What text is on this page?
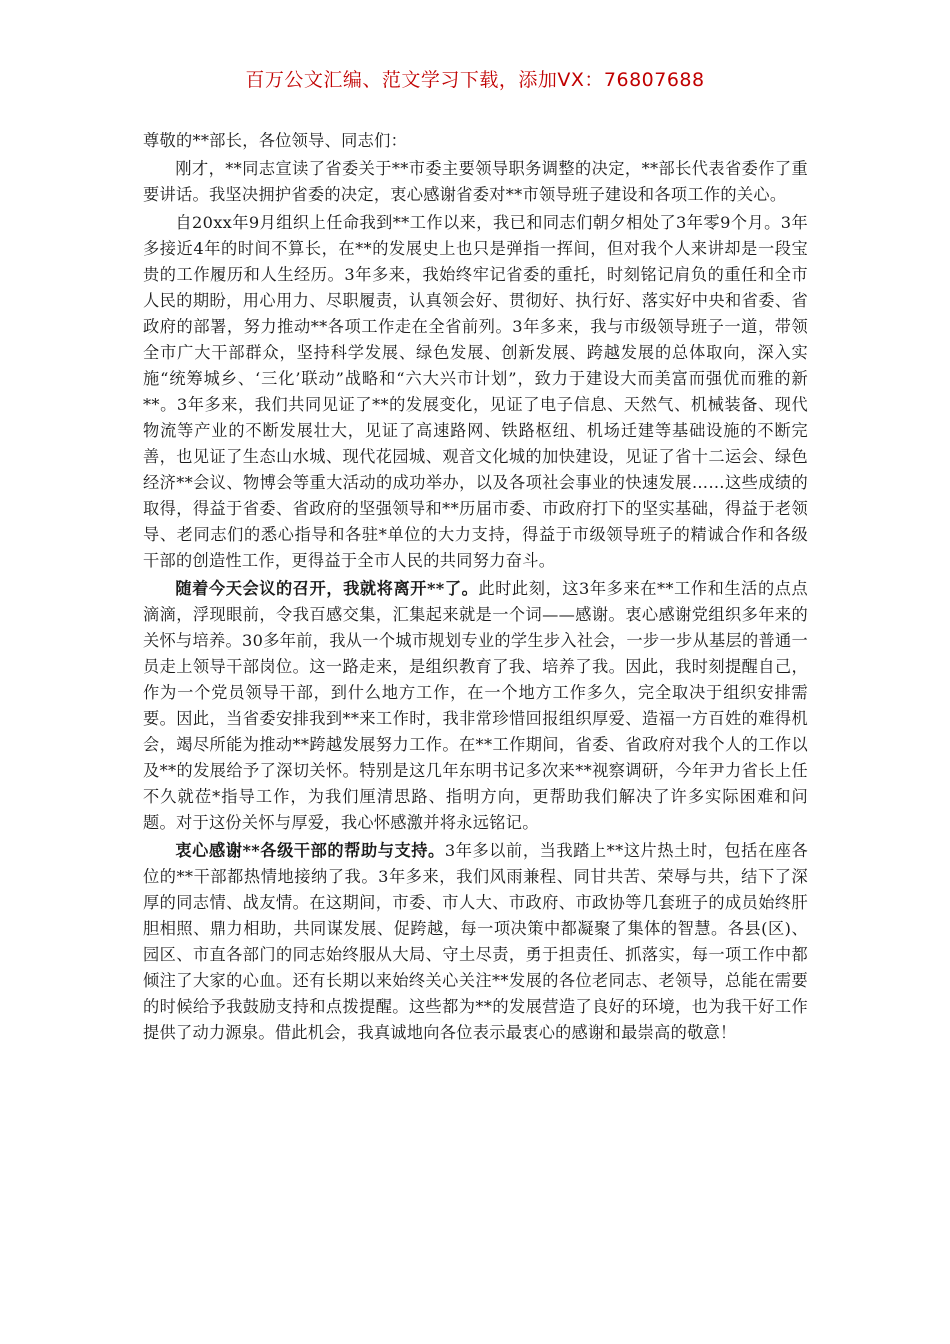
百万公文汇编、范文学习下载，添加VX：76807688

尊敬的**部长，各位领导、同志们：

刚才，**同志宣读了省委关于**市委主要领导职务调整的决定，**部长代表省委作了重要讲话。我坚决拥护省委的决定，衷心感谢省委对**市领导班子建设和各项工作的关心。

自20xx年9月组织上任命我到**工作以来，我已和同志们朝夕相处了3年零9个月。3年多接近4年的时间不算长，在**的发展史上也只是弹指一挥间，但对我个人来讲却是一段宝贵的工作履历和人生经历。3年多来，我始终牢记省委的重托，时刻铭记肩负的重任和全市人民的期盼，用心用力、尽职履责，认真领会好、贯彻好、执行好、落实好中央和省委、省政府的部署，努力推动**各项工作走在全省前列。3年多来，我与市级领导班子一道，带领全市广大干部群众，坚持科学发展、绿色发展、创新发展、跨越发展的总体取向，深入实施“统筹城乡、‘三化’联动”战略和“六大兴市计划”，致力于建设大而美富而强优而雅的新**。3年多来，我们共同见证了**的发展变化，见证了电子信息、天然气、机械装备、现代物流等产业的不断发展壮大，见证了高速路网、铁路枢纽、机场迁建等基础设施的不断完善，也见证了生态山水城、现代花园城、观音文化城的加快建设，见证了省十二运会、绿色经济**会议、物博会等重大活动的成功举办，以及各项社会事业的快速发展……这些成绩的取得，得益于省委、省政府的坚强领导和**历届市委、市政府打下的坚实基础，得益于老领导、老同志们的悉心指导和各驻*单位的大力支持，得益于市级领导班子的精诚合作和各级干部的创造性工作，更得益于全市人民的共同努力奋斗。

随着今天会议的召开，我就将离开**了。此时此刻，这3年多来在**工作和生活的点点滴滴，浮现眼前，令我百感交集，汇集起来就是一个词——感谢。衷心感谢党组织多年来的关怀与培养。30多年前，我从一个城市规划专业的学生步入社会，一步一步从基层的普通一员走上领导干部岗位。这一路走来，是组织教育了我、培养了我。因此，我时刻提醒自己，作为一个党员领导干部，到什么地方工作，在一个地方工作多久，完全取决于组织安排需要。因此，当省委安排我到**来工作时，我非常珍惜回报组织厚爱、造福一方百姓的难得机会，竭尽所能为推动**跨越发展努力工作。在**工作期间，省委、省政府对我个人的工作以及**的发展给予了深切关怀。特别是这几年东明书记多次来**视察调研，今年尹力省长上任不久就莅*指导工作，为我们厘清思路、指明方向，更帮助我们解决了许多实际困难和问题。对于这份关怀与厚爱，我心怀感激并将永远铭记。

衷心感谢**各级干部的帮助与支持。3年多以前，当我踏上**这片热土时，包括在座各位的**干部都热情地接纳了我。3年多来，我们风雨兼程、同甘共苦、荣辱与共，结下了深厚的同志情、战友情。在这期间，市委、市人大、市政府、市政协等几套班子的成员始终肝胆相照、鼎力相助，共同谋发展、促跨越，每一项决策中都凝聚了集体的智慧。各县(区)、园区、市直各部门的同志始终服从大局、守土尽责，勇于担责任、抓落实，每一项工作中都倾注了大家的心血。还有长期以来始终关心关注**发展的各位老同志、老领导，总能在需要的时候给予我鼓励支持和点拨提醒。这些都为**的发展营造了良好的环境，也为我干好工作提供了动力源泉。借此机会，我真诚地向各位表示最衷心的感谢和最崇高的敬意！
